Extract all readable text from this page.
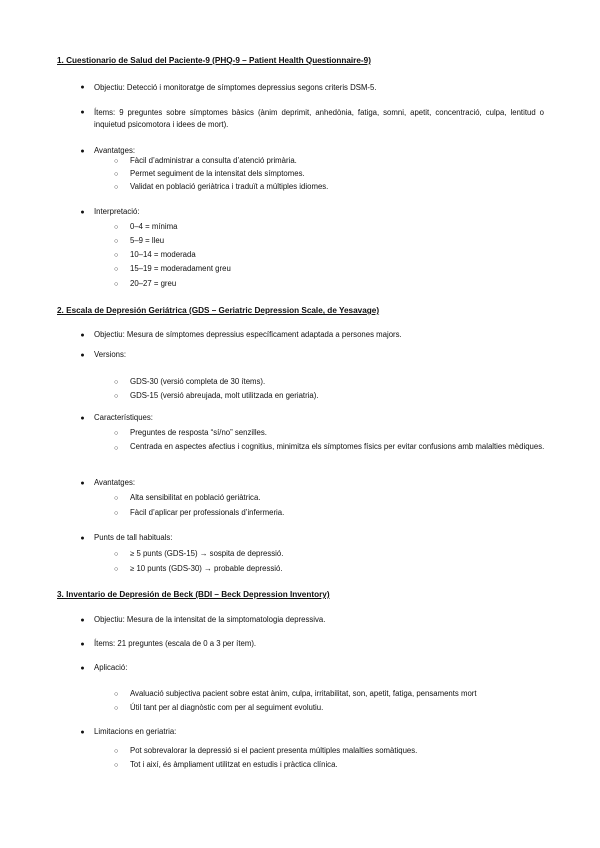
1. Cuestionario de Salud del Paciente-9 (PHQ-9 – Patient Health Questionnaire-9)
● Objectiu: Detecció i monitoratge de símptomes depressius segons criteris DSM-5.
● Ítems: 9 preguntes sobre símptomes bàsics (ànim deprimit, anhedònia, fatiga, somni, apetit, concentració, culpa, lentitud o inquietud psicomotora i idees de mort).
● Avantatges:
○ Fàcil d’administrar a consulta d’atenció primària.
○ Permet seguiment de la intensitat dels símptomes.
○ Validat en població geriàtrica i traduït a múltiples idiomes.
● Interpretació:
○ 0–4 = mínima
○ 5–9 = lleu
○ 10–14 = moderada
○ 15–19 = moderadament greu
○ 20–27 = greu
2. Escala de Depresión Geriátrica (GDS – Geriatric Depression Scale, de Yesavage)
● Objectiu: Mesura de símptomes depressius específicament adaptada a persones majors.
● Versions:
○ GDS-30 (versió completa de 30 ítems).
○ GDS-15 (versió abreujada, molt utilitzada en geriatria).
● Característiques:
○ Preguntes de resposta “sí/no” senzilles.
○ Centrada en aspectes afectius i cognitius, minimitza els símptomes físics per evitar confusions amb malalties mèdiques.
● Avantatges:
○ Alta sensibilitat en població geriàtrica.
○ Fàcil d’aplicar per professionals d’infermeria.
● Punts de tall habituals:
○ ≥ 5 punts (GDS-15) → sospita de depressió.
○ ≥ 10 punts (GDS-30) → probable depressió.
3. Inventario de Depresión de Beck (BDI – Beck Depression Inventory)
● Objectiu: Mesura de la intensitat de la simptomatologia depressiva.
● Ítems: 21 preguntes (escala de 0 a 3 per ítem).
● Aplicació:
○ Avaluació subjectiva pacient sobre estat ànim, culpa, irritabilitat, son, apetit, fatiga, pensaments mort
○ Útil tant per al diagnòstic com per al seguiment evolutiu.
● Limitacions en geriatria:
○ Pot sobrevalorar la depressió si el pacient presenta múltiples malalties somàtiques.
○ Tot i així, és àmpliament utilitzat en estudis i pràctica clínica.
